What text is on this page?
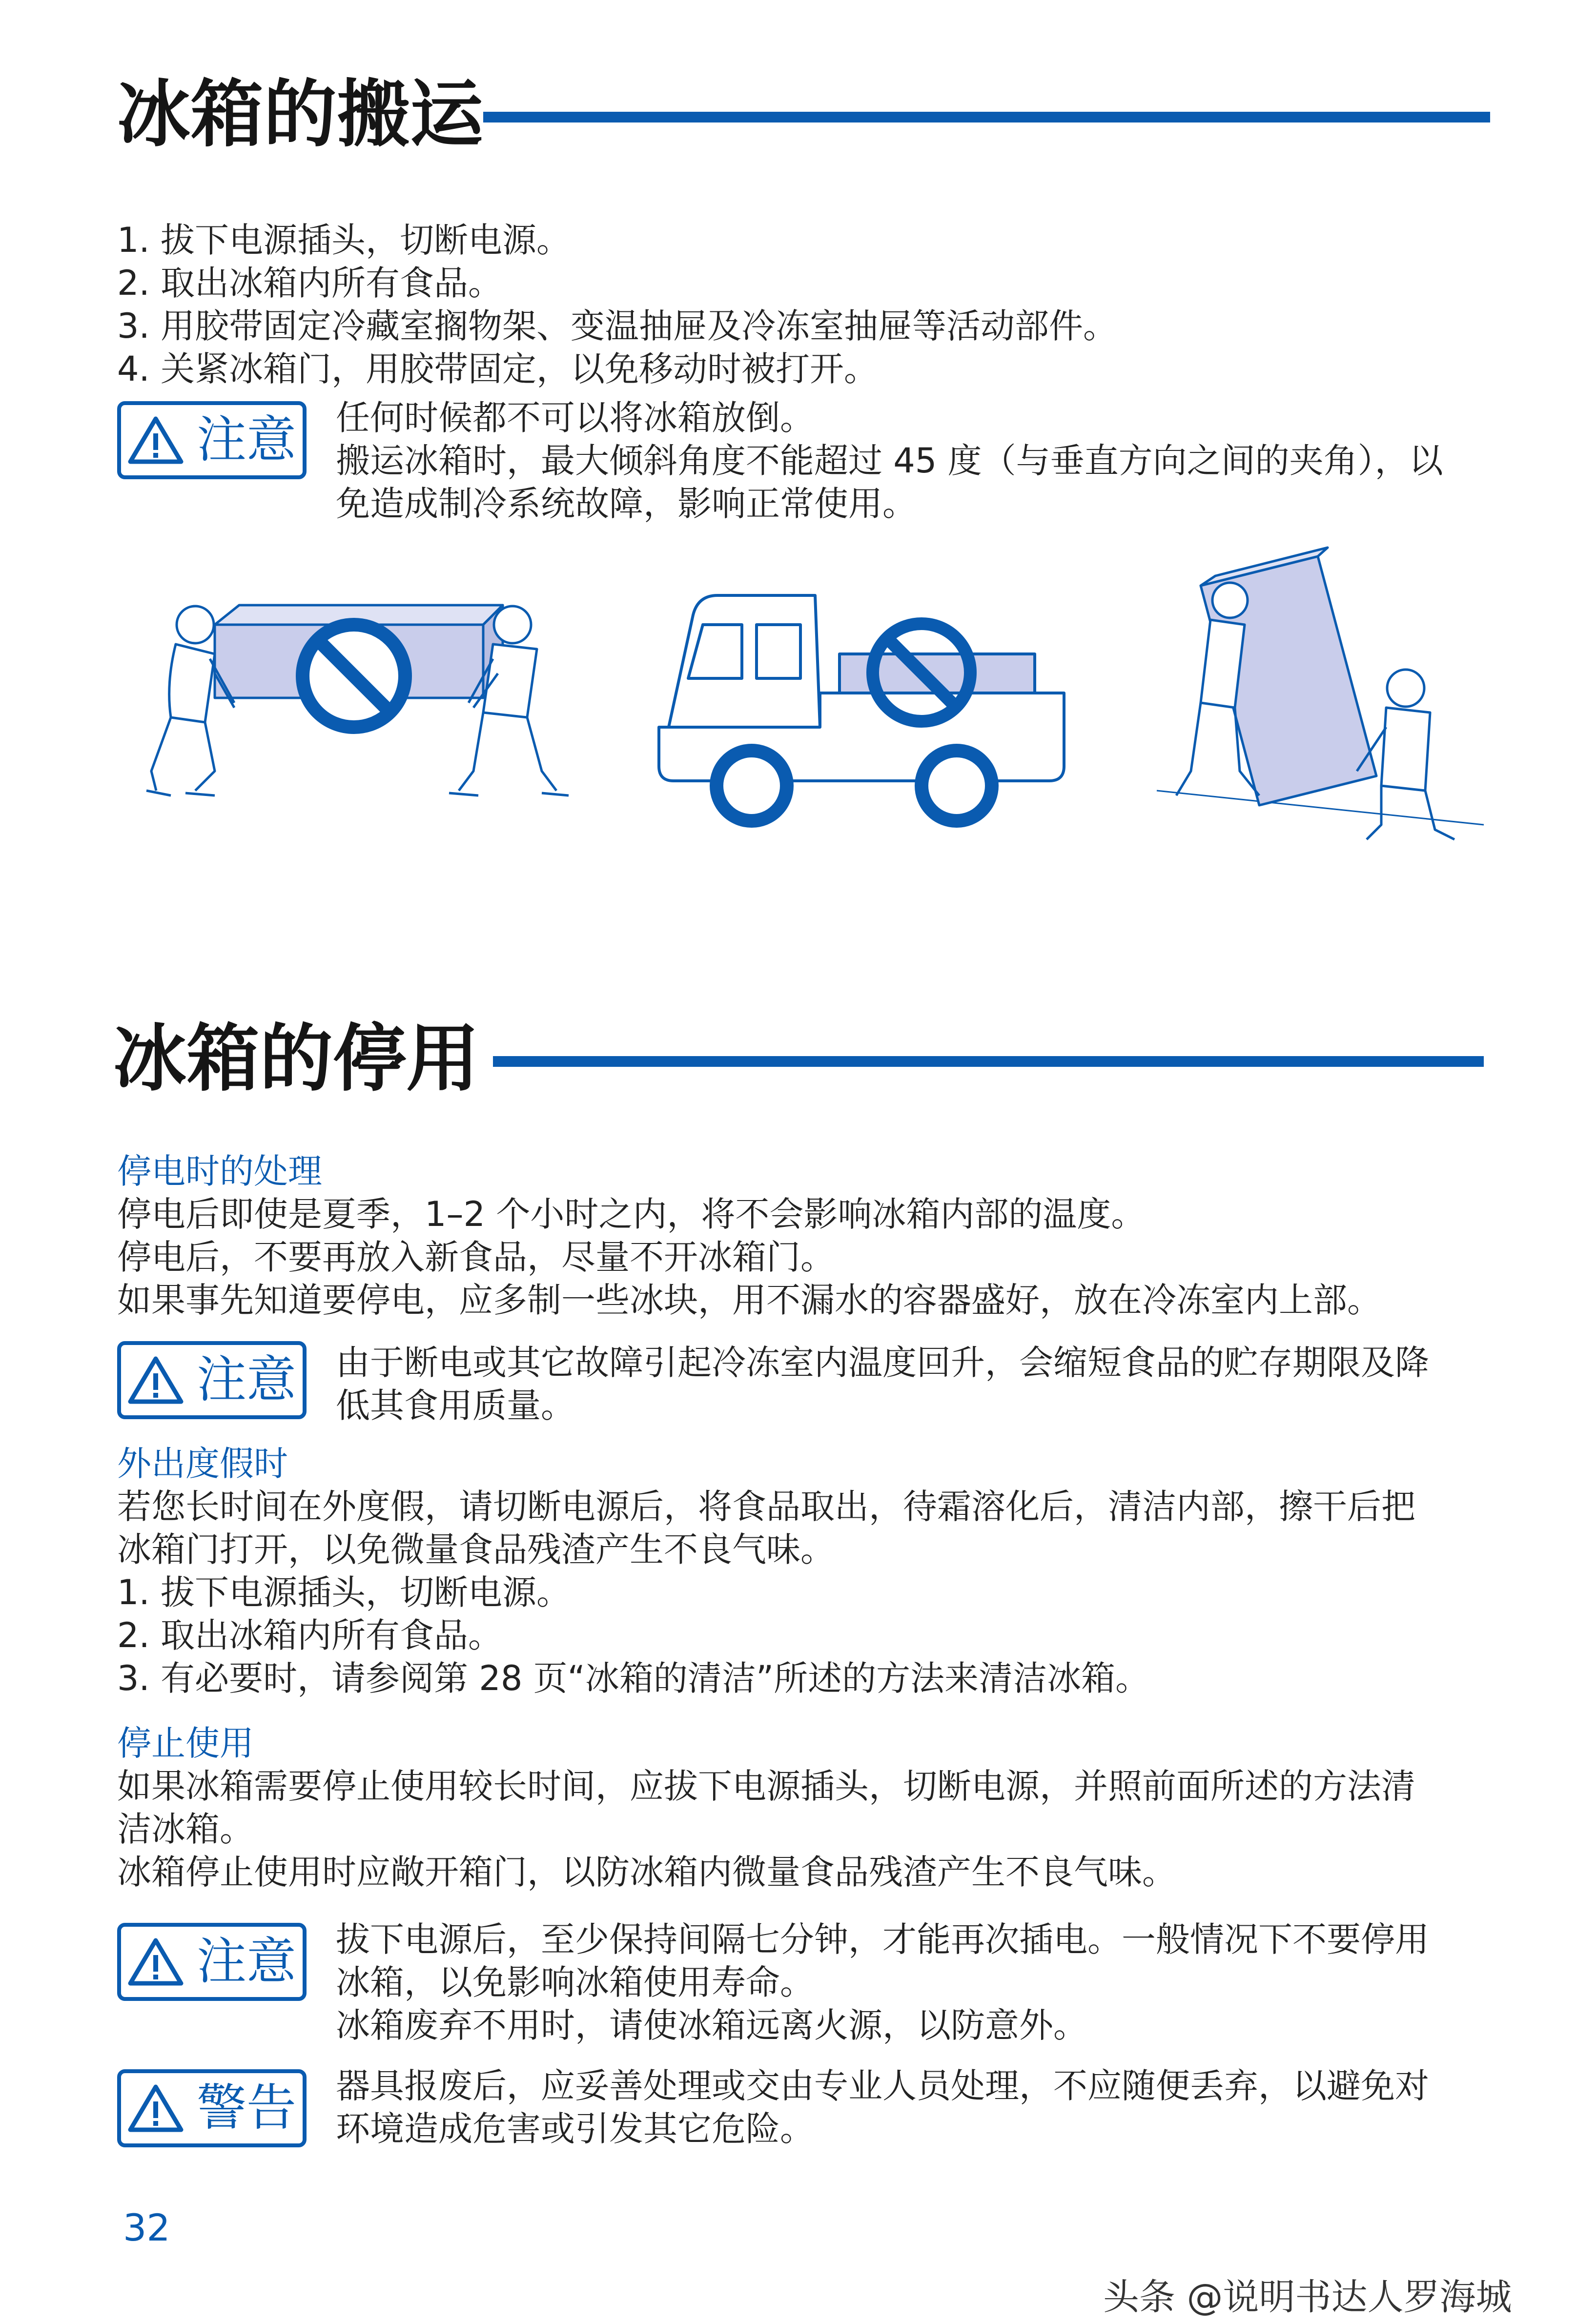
冰箱的搬运
1. 拔下电源插头，切断电源。
2. 取出冰箱内所有食品。
3. 用胶带固定冷藏室搁物架、变温抽屉及冷冻室抽屉等活动部件。
4. 关紧冰箱门，用胶带固定，以免移动时被打开。
注意 任何时候都不可以将冰箱放倒。
搬运冰箱时，最大倾斜角度不能超过 45 度（与垂直方向之间的夹角），以
免造成制冷系统故障，影响正常使用。
冰箱的停用
停电时的处理
停电后即使是夏季，1–2 个小时之内，将不会影响冰箱内部的温度。
停电后，不要再放入新食品，尽量不开冰箱门。
如果事先知道要停电，应多制一些冰块，用不漏水的容器盛好，放在冷冻室内上部。
注意 由于断电或其它故障引起冷冻室内温度回升，会缩短食品的贮存期限及降
低其食用质量。
外出度假时
若您长时间在外度假，请切断电源后，将食品取出，待霜溶化后，清洁内部，擦干后把
冰箱门打开，以免微量食品残渣产生不良气味。
1. 拔下电源插头，切断电源。
2. 取出冰箱内所有食品。
3. 有必要时，请参阅第 28 页“冰箱的清洁”所述的方法来清洁冰箱。
停止使用
如果冰箱需要停止使用较长时间，应拔下电源插头，切断电源，并照前面所述的方法清
洁冰箱。
冰箱停止使用时应敞开箱门，以防冰箱内微量食品残渣产生不良气味。
注意 拔下电源后，至少保持间隔七分钟，才能再次插电。一般情况下不要停用
冰箱，以免影响冰箱使用寿命。
冰箱废弃不用时，请使冰箱远离火源，以防意外。
警告 器具报废后，应妥善处理或交由专业人员处理，不应随便丢弃，以避免对
环境造成危害或引发其它危险。
32
头条 @说明书达人罗海城
